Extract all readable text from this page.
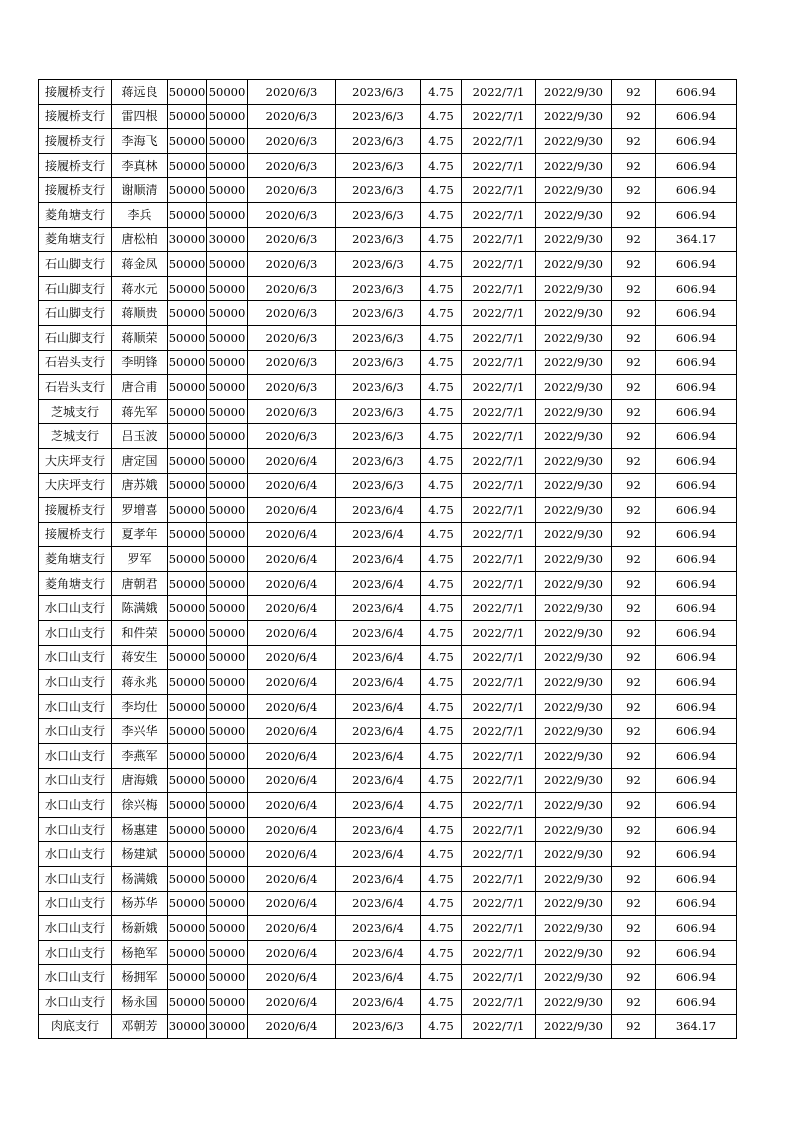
接履桥支行	蒋远良	50000	50000	2020/6/3	2023/6/3	4.75	2022/7/1	2022/9/30	92	606.94
接履桥支行	雷四根	50000	50000	2020/6/3	2023/6/3	4.75	2022/7/1	2022/9/30	92	606.94
接履桥支行	李海飞	50000	50000	2020/6/3	2023/6/3	4.75	2022/7/1	2022/9/30	92	606.94
接履桥支行	李真林	50000	50000	2020/6/3	2023/6/3	4.75	2022/7/1	2022/9/30	92	606.94
接履桥支行	谢顺清	50000	50000	2020/6/3	2023/6/3	4.75	2022/7/1	2022/9/30	92	606.94
菱角塘支行	李兵	50000	50000	2020/6/3	2023/6/3	4.75	2022/7/1	2022/9/30	92	606.94
菱角塘支行	唐松柏	30000	30000	2020/6/3	2023/6/3	4.75	2022/7/1	2022/9/30	92	364.17
石山脚支行	蒋金凤	50000	50000	2020/6/3	2023/6/3	4.75	2022/7/1	2022/9/30	92	606.94
石山脚支行	蒋水元	50000	50000	2020/6/3	2023/6/3	4.75	2022/7/1	2022/9/30	92	606.94
石山脚支行	蒋顺贵	50000	50000	2020/6/3	2023/6/3	4.75	2022/7/1	2022/9/30	92	606.94
石山脚支行	蒋顺荣	50000	50000	2020/6/3	2023/6/3	4.75	2022/7/1	2022/9/30	92	606.94
石岩头支行	李明锋	50000	50000	2020/6/3	2023/6/3	4.75	2022/7/1	2022/9/30	92	606.94
石岩头支行	唐合甫	50000	50000	2020/6/3	2023/6/3	4.75	2022/7/1	2022/9/30	92	606.94
芝城支行	蒋先军	50000	50000	2020/6/3	2023/6/3	4.75	2022/7/1	2022/9/30	92	606.94
芝城支行	吕玉波	50000	50000	2020/6/3	2023/6/3	4.75	2022/7/1	2022/9/30	92	606.94
大庆坪支行	唐定国	50000	50000	2020/6/4	2023/6/3	4.75	2022/7/1	2022/9/30	92	606.94
大庆坪支行	唐苏娥	50000	50000	2020/6/4	2023/6/3	4.75	2022/7/1	2022/9/30	92	606.94
接履桥支行	罗增喜	50000	50000	2020/6/4	2023/6/4	4.75	2022/7/1	2022/9/30	92	606.94
接履桥支行	夏孝年	50000	50000	2020/6/4	2023/6/4	4.75	2022/7/1	2022/9/30	92	606.94
菱角塘支行	罗军	50000	50000	2020/6/4	2023/6/4	4.75	2022/7/1	2022/9/30	92	606.94
菱角塘支行	唐朝君	50000	50000	2020/6/4	2023/6/4	4.75	2022/7/1	2022/9/30	92	606.94
水口山支行	陈满娥	50000	50000	2020/6/4	2023/6/4	4.75	2022/7/1	2022/9/30	92	606.94
水口山支行	和件荣	50000	50000	2020/6/4	2023/6/4	4.75	2022/7/1	2022/9/30	92	606.94
水口山支行	蒋安生	50000	50000	2020/6/4	2023/6/4	4.75	2022/7/1	2022/9/30	92	606.94
水口山支行	蒋永兆	50000	50000	2020/6/4	2023/6/4	4.75	2022/7/1	2022/9/30	92	606.94
水口山支行	李均仕	50000	50000	2020/6/4	2023/6/4	4.75	2022/7/1	2022/9/30	92	606.94
水口山支行	李兴华	50000	50000	2020/6/4	2023/6/4	4.75	2022/7/1	2022/9/30	92	606.94
水口山支行	李燕军	50000	50000	2020/6/4	2023/6/4	4.75	2022/7/1	2022/9/30	92	606.94
水口山支行	唐海娥	50000	50000	2020/6/4	2023/6/4	4.75	2022/7/1	2022/9/30	92	606.94
水口山支行	徐兴梅	50000	50000	2020/6/4	2023/6/4	4.75	2022/7/1	2022/9/30	92	606.94
水口山支行	杨惠建	50000	50000	2020/6/4	2023/6/4	4.75	2022/7/1	2022/9/30	92	606.94
水口山支行	杨建斌	50000	50000	2020/6/4	2023/6/4	4.75	2022/7/1	2022/9/30	92	606.94
水口山支行	杨满娥	50000	50000	2020/6/4	2023/6/4	4.75	2022/7/1	2022/9/30	92	606.94
水口山支行	杨苏华	50000	50000	2020/6/4	2023/6/4	4.75	2022/7/1	2022/9/30	92	606.94
水口山支行	杨新娥	50000	50000	2020/6/4	2023/6/4	4.75	2022/7/1	2022/9/30	92	606.94
水口山支行	杨艳军	50000	50000	2020/6/4	2023/6/4	4.75	2022/7/1	2022/9/30	92	606.94
水口山支行	杨拥军	50000	50000	2020/6/4	2023/6/4	4.75	2022/7/1	2022/9/30	92	606.94
水口山支行	杨永国	50000	50000	2020/6/4	2023/6/4	4.75	2022/7/1	2022/9/30	92	606.94
肉底支行	邓朝芳	30000	30000	2020/6/4	2023/6/3	4.75	2022/7/1	2022/9/30	92	364.17
